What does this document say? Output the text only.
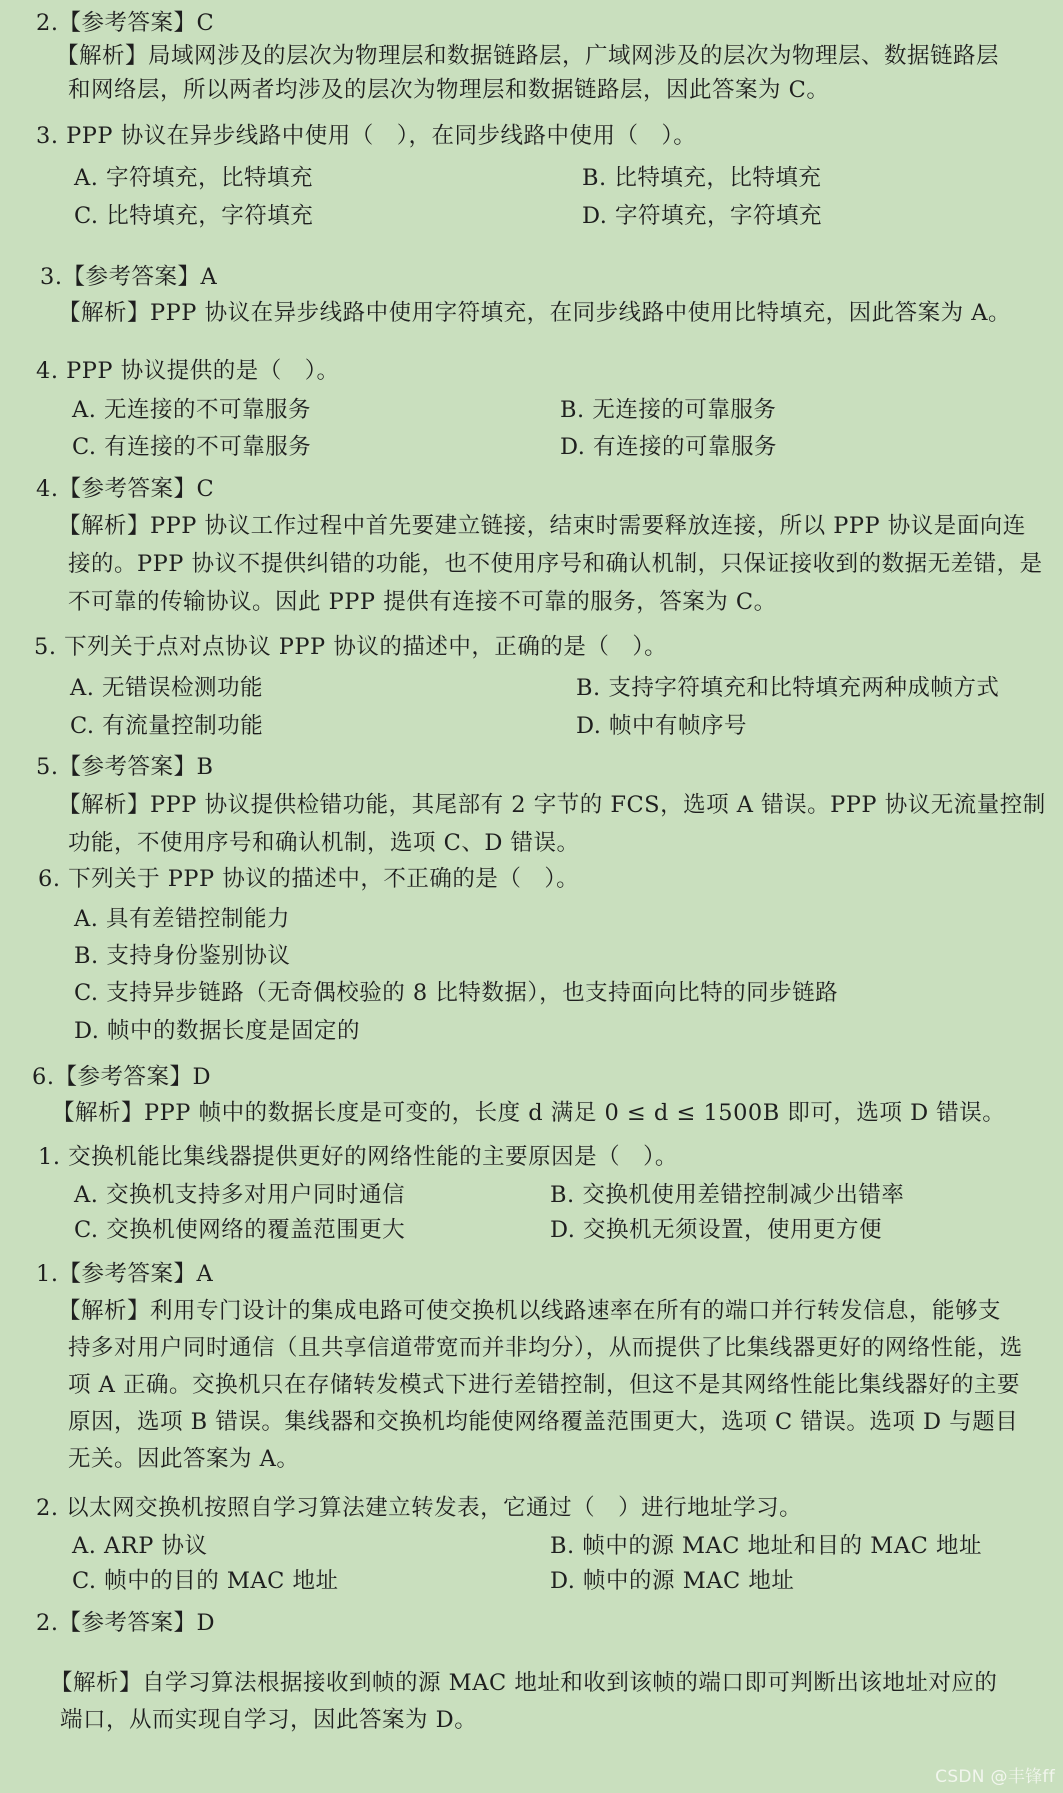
2.【参考答案】C
【解析】局域网涉及的层次为物理层和数据链路层，广域网涉及的层次为物理层、数据链路层
和网络层，所以两者均涉及的层次为物理层和数据链路层，因此答案为 C。
3. PPP 协议在异步线路中使用（　），在同步线路中使用（　）。
A. 字符填充，比特填充	B. 比特填充，比特填充
C. 比特填充，字符填充	D. 字符填充，字符填充
3.【参考答案】A
【解析】PPP 协议在异步线路中使用字符填充，在同步线路中使用比特填充，因此答案为 A。
4. PPP 协议提供的是（　）。
A. 无连接的不可靠服务	B. 无连接的可靠服务
C. 有连接的不可靠服务	D. 有连接的可靠服务
4.【参考答案】C
【解析】PPP 协议工作过程中首先要建立链接，结束时需要释放连接，所以 PPP 协议是面向连
接的。PPP 协议不提供纠错的功能，也不使用序号和确认机制，只保证接收到的数据无差错，是
不可靠的传输协议。因此 PPP 提供有连接不可靠的服务，答案为 C。
5. 下列关于点对点协议 PPP 协议的描述中，正确的是（　）。
A. 无错误检测功能	B. 支持字符填充和比特填充两种成帧方式
C. 有流量控制功能	D. 帧中有帧序号
5.【参考答案】B
【解析】PPP 协议提供检错功能，其尾部有 2 字节的 FCS，选项 A 错误。PPP 协议无流量控制
功能，不使用序号和确认机制，选项 C、D 错误。
6. 下列关于 PPP 协议的描述中，不正确的是（　）。
A. 具有差错控制能力
B. 支持身份鉴别协议
C. 支持异步链路（无奇偶校验的 8 比特数据），也支持面向比特的同步链路
D. 帧中的数据长度是固定的
6.【参考答案】D
【解析】PPP 帧中的数据长度是可变的，长度 d 满足 0 ≤ d ≤ 1500B 即可，选项 D 错误。
1. 交换机能比集线器提供更好的网络性能的主要原因是（　）。
A. 交换机支持多对用户同时通信	B. 交换机使用差错控制减少出错率
C. 交换机使网络的覆盖范围更大	D. 交换机无须设置，使用更方便
1.【参考答案】A
【解析】利用专门设计的集成电路可使交换机以线路速率在所有的端口并行转发信息，能够支
持多对用户同时通信（且共享信道带宽而并非均分），从而提供了比集线器更好的网络性能，选
项 A 正确。交换机只在存储转发模式下进行差错控制，但这不是其网络性能比集线器好的主要
原因，选项 B 错误。集线器和交换机均能使网络覆盖范围更大，选项 C 错误。选项 D 与题目
无关。因此答案为 A。
2. 以太网交换机按照自学习算法建立转发表，它通过（　）进行地址学习。
A. ARP 协议	B. 帧中的源 MAC 地址和目的 MAC 地址
C. 帧中的目的 MAC 地址	D. 帧中的源 MAC 地址
2.【参考答案】D
【解析】自学习算法根据接收到帧的源 MAC 地址和收到该帧的端口即可判断出该地址对应的
端口，从而实现自学习，因此答案为 D。
CSDN @丰锋ff
